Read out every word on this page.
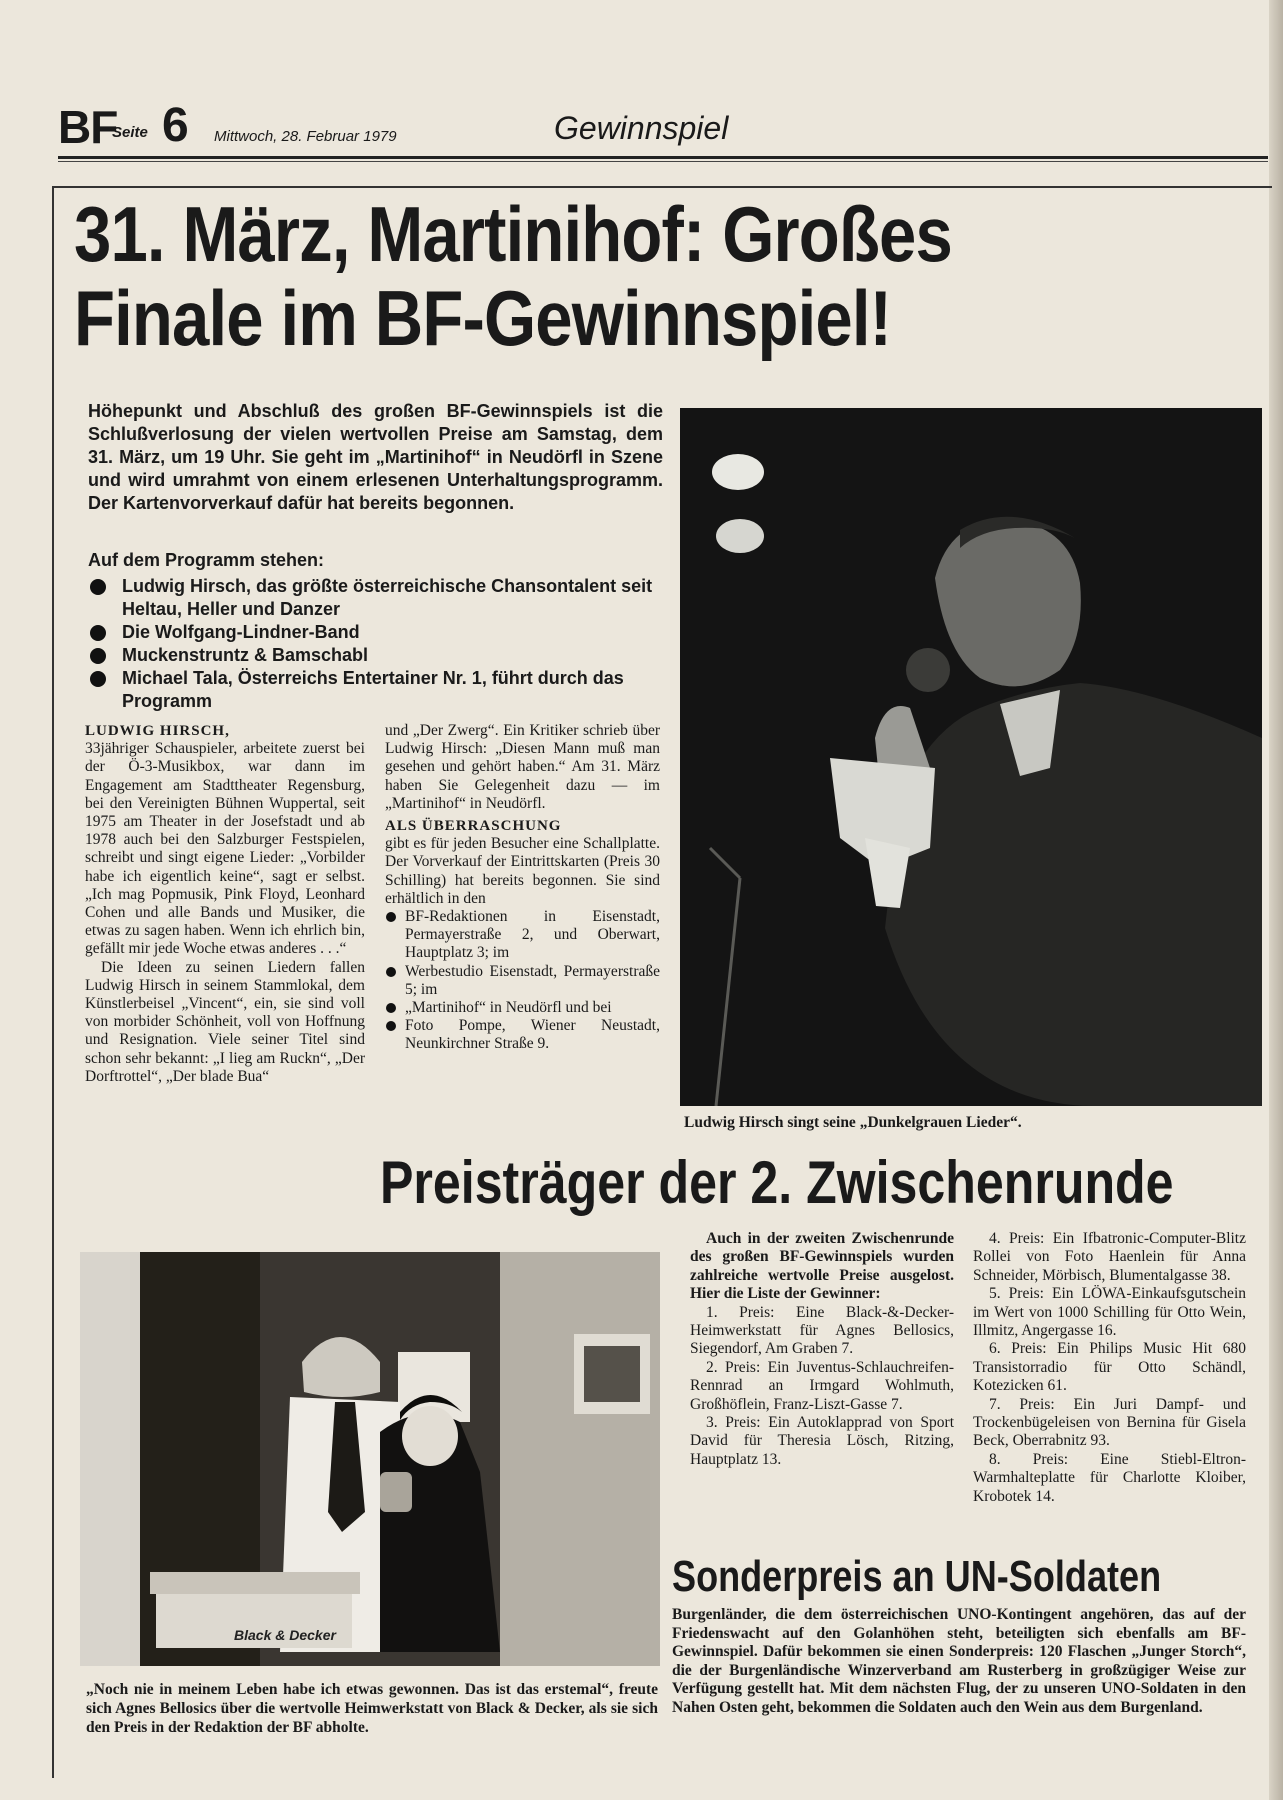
BF
Seite 6 Mittwoch, 28. Februar 1979	Gewinnspiel
31. März, Martinihof: Großes
Finale im BF-Gewinnspiel!

Höhepunkt und Abschluß des großen BF-Gewinnspiels ist die Schlußverlosung der vielen wertvollen Preise am Samstag, dem 31. März, um 19 Uhr. Sie geht im „Martinihof“ in Neudörfl in Szene und wird umrahmt von einem erlesenen Unterhaltungsprogramm. Der Kartenvorverkauf dafür hat bereits begonnen.

Auf dem Programm stehen:

Ludwig Hirsch, das größte österreichische Chansontalent seit Heltau, Heller und Danzer
Die Wolfgang-Lindner-Band
Muckenstruntz & Bamschabl
Michael Tala, Österreichs Entertainer Nr. 1, führt durch das Programm

LUDWIG HIRSCH,

33jähriger Schauspieler, arbeitete zuerst bei der Ö-3-Musikbox, war dann im Engagement am Stadttheater Regensburg, bei den Vereinigten Bühnen Wuppertal, seit 1975 am Theater in der Josefstadt und ab 1978 auch bei den Salzburger Festspielen, schreibt und singt eigene Lieder: „Vorbilder habe ich eigentlich keine“, sagt er selbst. „Ich mag Popmusik, Pink Floyd, Leonhard Cohen und alle Bands und Musiker, die etwas zu sagen haben. Wenn ich ehrlich bin, gefällt mir jede Woche etwas anderes . . .“

Die Ideen zu seinen Liedern fallen Ludwig Hirsch in seinem Stammlokal, dem Künstlerbeisel „Vincent“, ein, sie sind voll von morbider Schönheit, voll von Hoffnung und Resignation. Viele seiner Titel sind schon sehr bekannt: „I lieg am Ruckn“, „Der Dorftrottel“, „Der blade Bua“

und „Der Zwerg“. Ein Kritiker schrieb über Ludwig Hirsch: „Diesen Mann muß man gesehen und gehört haben.“ Am 31. März haben Sie Gelegenheit dazu — im „Martinihof“ in Neudörfl.

ALS ÜBERRASCHUNG

gibt es für jeden Besucher eine Schallplatte. Der Vorverkauf der Eintrittskarten (Preis 30 Schilling) hat bereits begonnen. Sie sind erhältlich in den

BF-Redaktionen in Eisenstadt, Permayerstraße 2, und Oberwart, Hauptplatz 3; im
Werbestudio Eisenstadt, Permayerstraße 5; im
„Martinihof“ in Neudörfl und bei
Foto Pompe, Wiener Neustadt, Neunkirchner Straße 9.

Ludwig Hirsch singt seine „Dunkelgrauen Lieder“.

Preisträger der 2. Zwischenrunde
Black & Decker

„Noch nie in meinem Leben habe ich etwas gewonnen. Das ist das erstemal“, freute sich Agnes Bellosics über die wertvolle Heimwerkstatt von Black & Decker, als sie sich den Preis in der Redaktion der BF abholte.

Auch in der zweiten Zwischenrunde des großen BF-Gewinnspiels wurden zahlreiche wertvolle Preise ausgelost. Hier die Liste der Gewinner:

1. Preis: Eine Black-&-Decker-Heimwerkstatt für Agnes Bellosics, Siegendorf, Am Graben 7.

2. Preis: Ein Juventus-Schlauchreifen-Rennrad an Irmgard Wohlmuth, Großhöflein, Franz-Liszt-Gasse 7.

3. Preis: Ein Autoklapprad von Sport David für Theresia Lösch, Ritzing, Hauptplatz 13.

4. Preis: Ein Ifbatronic-Computer-Blitz Rollei von Foto Haenlein für Anna Schneider, Mörbisch, Blumentalgasse 38.

5. Preis: Ein LÖWA-Einkaufsgutschein im Wert von 1000 Schilling für Otto Wein, Illmitz, Angergasse 16.

6. Preis: Ein Philips Music Hit 680 Transistorradio für Otto Schändl, Kotezicken 61.

7. Preis: Ein Juri Dampf- und Trockenbügeleisen von Bernina für Gisela Beck, Oberrabnitz 93.

8. Preis: Eine Stiebl-Eltron-Warmhalteplatte für Charlotte Kloiber, Krobotek 14.

Sonderpreis an UN-Soldaten

Burgenländer, die dem österreichischen UNO-Kontingent angehören, das auf der Friedenswacht auf den Golanhöhen steht, beteiligten sich ebenfalls am BF-Gewinnspiel. Dafür bekommen sie einen Sonderpreis: 120 Flaschen „Junger Storch“, die der Burgenländische Winzerverband am Rusterberg in großzügiger Weise zur Verfügung gestellt hat. Mit dem nächsten Flug, der zu unseren UNO-Soldaten in den Nahen Osten geht, bekommen die Soldaten auch den Wein aus dem Burgenland.
